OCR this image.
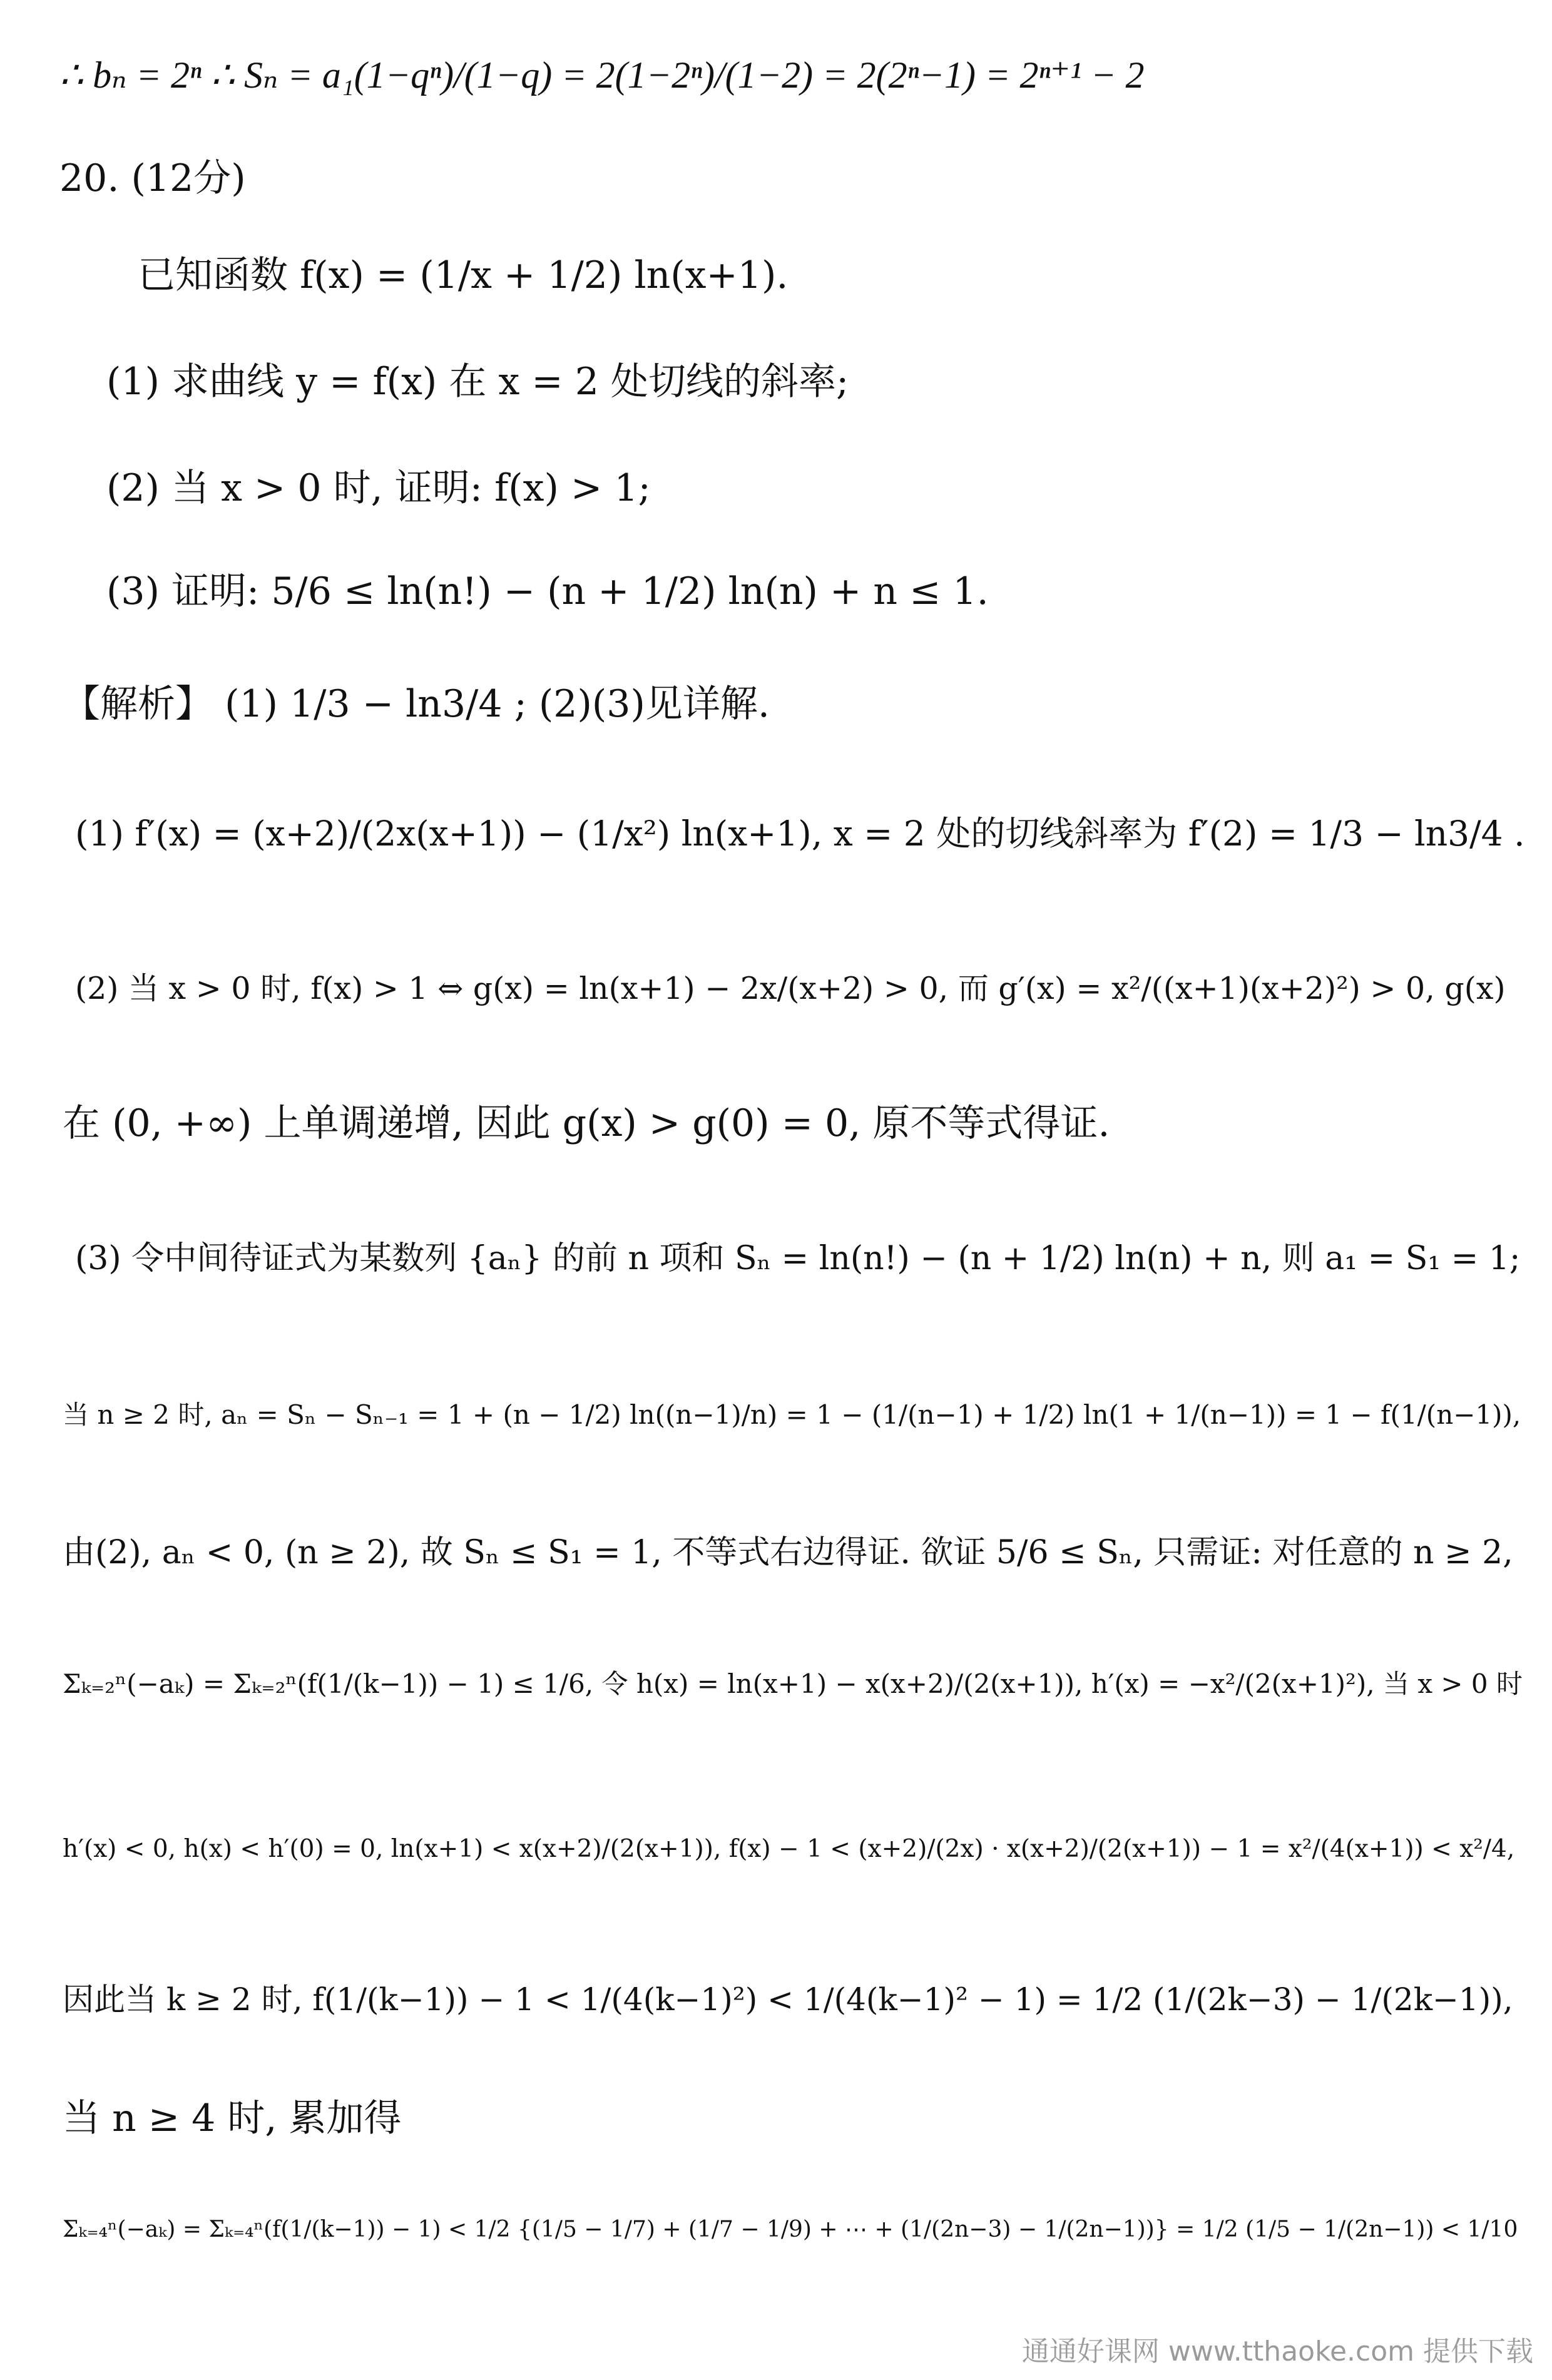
∴ bₙ = 2ⁿ ∴ Sₙ = a₁(1−qⁿ)/(1−q) = 2(1−2ⁿ)/(1−2) = 2(2ⁿ−1) = 2ⁿ⁺¹ − 2
20. (12分)
已知函数 f(x) = (1/x + 1/2) ln(x+1).
(1) 求曲线 y = f(x) 在 x = 2 处切线的斜率;
(2) 当 x > 0 时, 证明: f(x) > 1;
(3) 证明: 5/6 ≤ ln(n!) − (n + 1/2) ln(n) + n ≤ 1.
【解析】 (1) 1/3 − ln3/4 ; (2)(3)见详解.
(1) f′(x) = (x+2)/(2x(x+1)) − (1/x²) ln(x+1), x = 2 处的切线斜率为 f′(2) = 1/3 − ln3/4 .
(2) 当 x > 0 时, f(x) > 1 ⇔ g(x) = ln(x+1) − 2x/(x+2) > 0, 而 g′(x) = x²/((x+1)(x+2)²) > 0, g(x)
在 (0, +∞) 上单调递增, 因此 g(x) > g(0) = 0, 原不等式得证.
(3) 令中间待证式为某数列 {aₙ} 的前 n 项和 Sₙ = ln(n!) − (n + 1/2) ln(n) + n, 则 a₁ = S₁ = 1;
当 n ≥ 2 时, aₙ = Sₙ − Sₙ₋₁ = 1 + (n − 1/2) ln((n−1)/n) = 1 − (1/(n−1) + 1/2) ln(1 + 1/(n−1)) = 1 − f(1/(n−1)),
由(2), aₙ < 0, (n ≥ 2), 故 Sₙ ≤ S₁ = 1, 不等式右边得证. 欲证 5/6 ≤ Sₙ, 只需证: 对任意的 n ≥ 2,
Σₖ₌₂ⁿ(−aₖ) = Σₖ₌₂ⁿ(f(1/(k−1)) − 1) ≤ 1/6, 令 h(x) = ln(x+1) − x(x+2)/(2(x+1)), h′(x) = −x²/(2(x+1)²), 当 x > 0 时
h′(x) < 0, h(x) < h′(0) = 0, ln(x+1) < x(x+2)/(2(x+1)), f(x) − 1 < (x+2)/(2x) · x(x+2)/(2(x+1)) − 1 = x²/(4(x+1)) < x²/4,
因此当 k ≥ 2 时, f(1/(k−1)) − 1 < 1/(4(k−1)²) < 1/(4(k−1)² − 1) = 1/2 (1/(2k−3) − 1/(2k−1)),
当 n ≥ 4 时, 累加得
Σₖ₌₄ⁿ(−aₖ) = Σₖ₌₄ⁿ(f(1/(k−1)) − 1) < 1/2 {(1/5 − 1/7) + (1/7 − 1/9) + ⋯ + (1/(2n−3) − 1/(2n−1))} = 1/2 (1/5 − 1/(2n−1)) < 1/10
通通好课网 www.tthaoke.com 提供下载
